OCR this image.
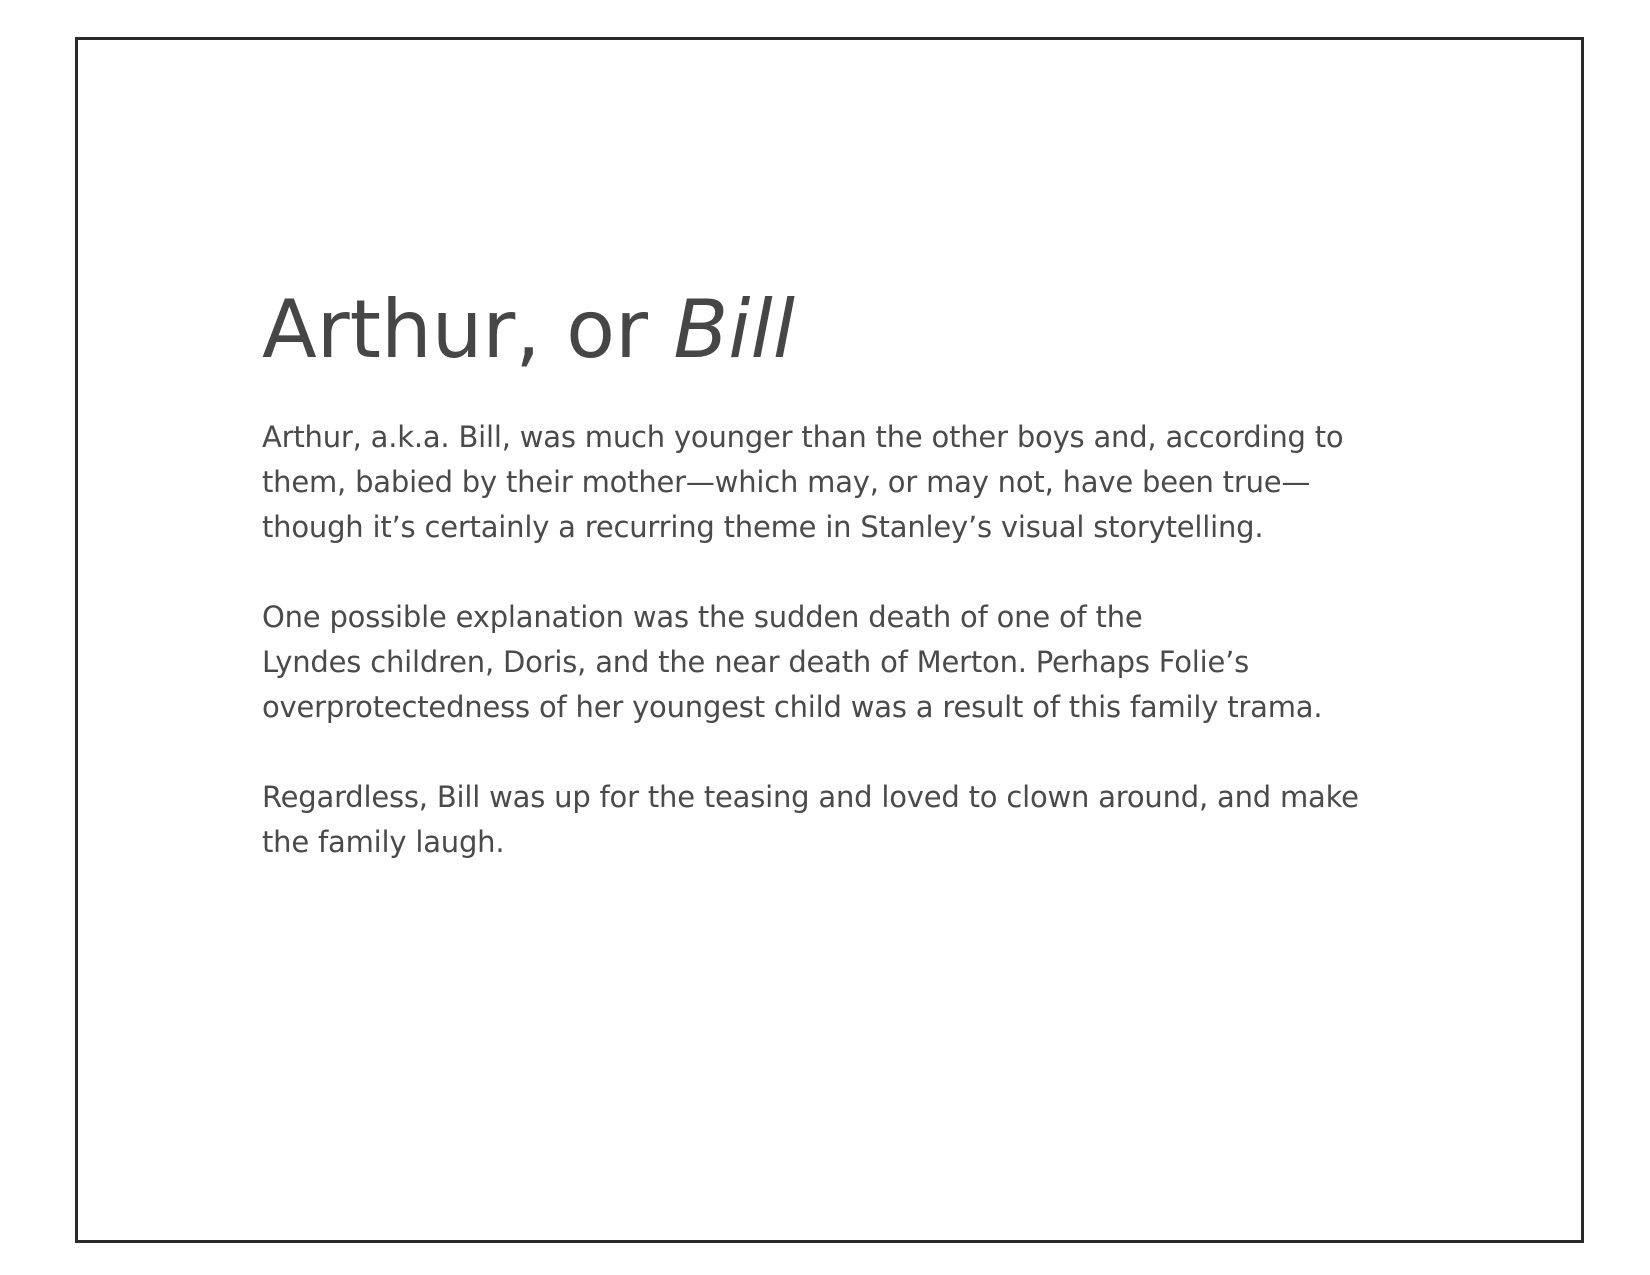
Arthur, or Bill

Arthur, a.k.a. Bill, was much younger than the other boys and, according to
them, babied by their mother—which may, or may not, have been true—
though it’s certainly a recurring theme in Stanley’s visual storytelling.

One possible explanation was the sudden death of one of the
Lyndes children, Doris, and the near death of Merton. Perhaps Folie’s
overprotectedness of her youngest child was a result of this family trama.

Regardless, Bill was up for the teasing and loved to clown around, and make
the family laugh.
